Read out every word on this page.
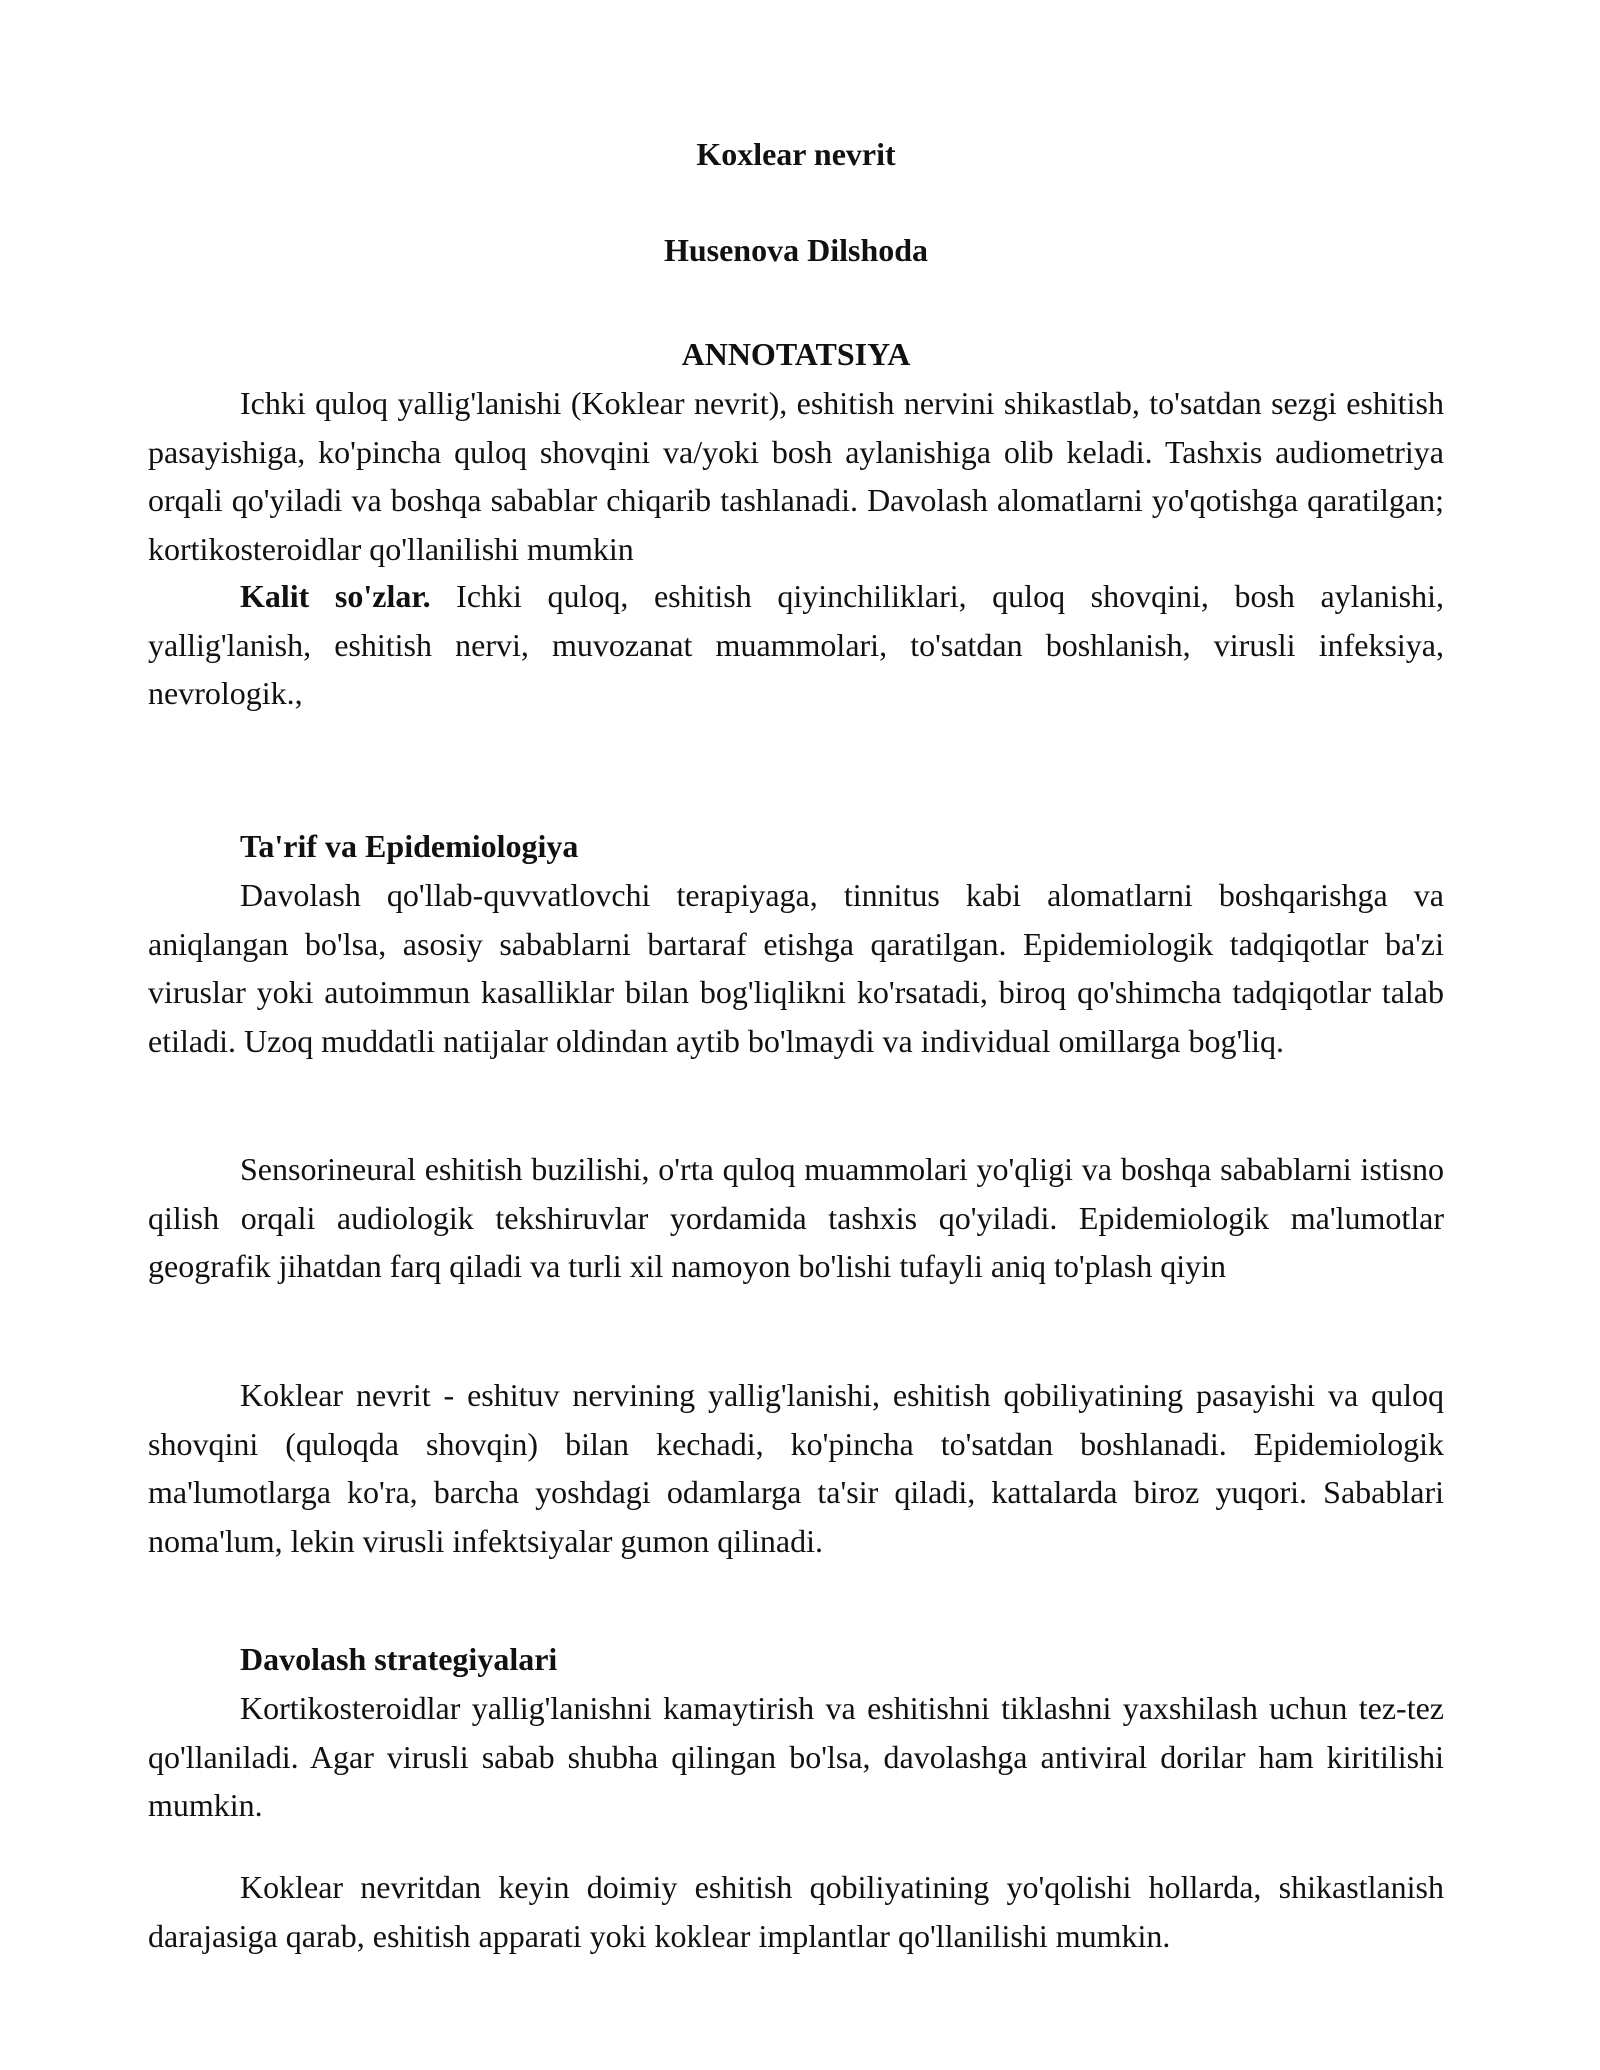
Koxlear nevrit

Husenova Dilshoda

ANNOTATSIYA

Ichki quloq yallig'lanishi (Koklear nevrit), eshitish nervini shikastlab, to'satdan sezgi eshitish pasayishiga, ko'pincha quloq shovqini va/yoki bosh aylanishiga olib keladi. Tashxis audiometriya orqali qo'yiladi va boshqa sabablar chiqarib tashlanadi. Davolash alomatlarni yo'qotishga qaratilgan; kortikosteroidlar qo'llanilishi mumkin

Kalit so'zlar. Ichki quloq, eshitish qiyinchiliklari, quloq shovqini, bosh aylanishi, yallig'lanish, eshitish nervi, muvozanat muammolari, to'satdan boshlanish, virusli infeksiya, nevrologik.,

Ta'rif va Epidemiologiya

Davolash qo'llab-quvvatlovchi terapiyaga, tinnitus kabi alomatlarni boshqarishga va aniqlangan bo'lsa, asosiy sabablarni bartaraf etishga qaratilgan. Epidemiologik tadqiqotlar ba'zi viruslar yoki autoimmun kasalliklar bilan bog'liqlikni ko'rsatadi, biroq qo'shimcha tadqiqotlar talab etiladi. Uzoq muddatli natijalar oldindan aytib bo'lmaydi va individual omillarga bog'liq.

Sensorineural eshitish buzilishi, o'rta quloq muammolari yo'qligi va boshqa sabablarni istisno qilish orqali audiologik tekshiruvlar yordamida tashxis qo'yiladi. Epidemiologik ma'lumotlar geografik jihatdan farq qiladi va turli xil namoyon bo'lishi tufayli aniq to'plash qiyin

Koklear nevrit - eshituv nervining yallig'lanishi, eshitish qobiliyatining pasayishi va quloq shovqini (quloqda shovqin) bilan kechadi, ko'pincha to'satdan boshlanadi. Epidemiologik ma'lumotlarga ko'ra, barcha yoshdagi odamlarga ta'sir qiladi, kattalarda biroz yuqori. Sabablari noma'lum, lekin virusli infektsiyalar gumon qilinadi.

Davolash strategiyalari

Kortikosteroidlar yallig'lanishni kamaytirish va eshitishni tiklashni yaxshilash uchun tez-tez qo'llaniladi. Agar virusli sabab shubha qilingan bo'lsa, davolashga antiviral dorilar ham kiritilishi mumkin.

Koklear nevritdan keyin doimiy eshitish qobiliyatining yo'qolishi hollarda, shikastlanish darajasiga qarab, eshitish apparati yoki koklear implantlar qo'llanilishi mumkin.
